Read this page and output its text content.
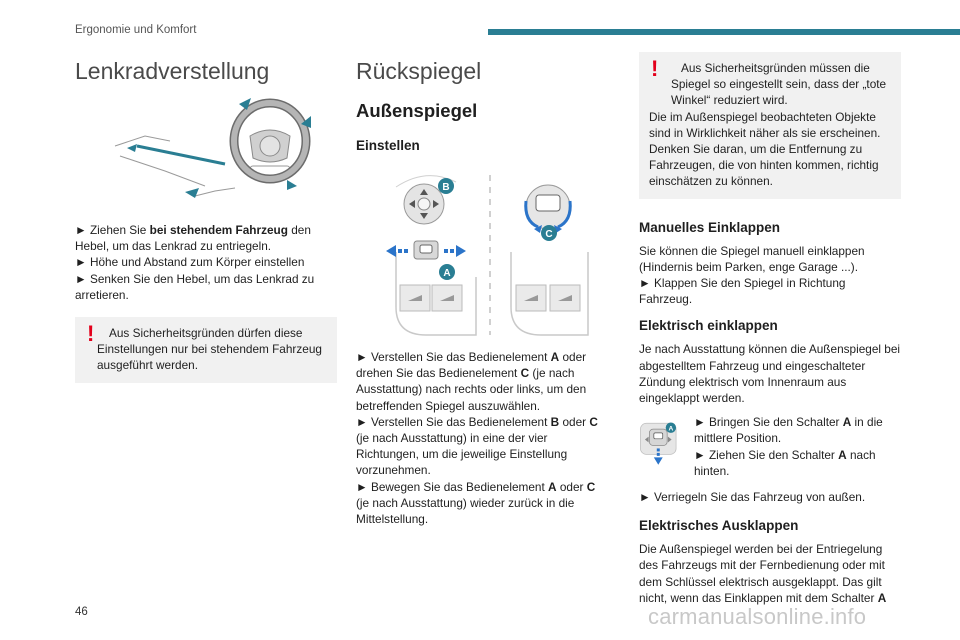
Ergonomie und Komfort
Lenkradverstellung

► Ziehen Sie bei stehendem Fahrzeug den Hebel, um das Lenkrad zu entriegeln.

► Höhe und Abstand zum Körper einstellen

► Senken Sie den Hebel, um das Lenkrad zu arretieren.

!	Aus Sicherheitsgründen dürfen diese Einstellungen nur bei stehendem Fahrzeug ausgeführt werden.
Rückspiegel
Außenspiegel
Einstellen
B
A
C

► Verstellen Sie das Bedienelement A oder drehen Sie das Bedienelement C (je nach Ausstattung) nach rechts oder links, um den betreffenden Spiegel auszuwählen.

► Verstellen Sie das Bedienelement B oder C (je nach Ausstattung) in eine der vier Richtungen, um die jeweilige Einstellung vorzunehmen.

► Bewegen Sie das Bedienelement A oder C (je nach Ausstattung) wieder zurück in die Mittelstellung.

!	Aus Sicherheitsgründen müssen die Spiegel so eingestellt sein, dass der „tote Winkel“ reduziert wird.
Die im Außenspiegel beobachteten Objekte sind in Wirklichkeit näher als sie erscheinen.
Denken Sie daran, um die Entfernung zu Fahrzeugen, die von hinten kommen, richtig einschätzen zu können.
Manuelles Einklappen

Sie können die Spiegel manuell einklappen (Hindernis beim Parken, enge Garage ...).

► Klappen Sie den Spiegel in Richtung Fahrzeug.

Elektrisch einklappen

Je nach Ausstattung können die Außenspiegel bei abgestelltem Fahrzeug und eingeschalteter Zündung elektrisch vom Innenraum aus eingeklappt werden.

A ► Bringen Sie den Schalter A in die mittlere Position.

► Ziehen Sie den Schalter A nach hinten.

► Verriegeln Sie das Fahrzeug von außen.

Elektrisches Ausklappen

Die Außenspiegel werden bei der Entriegelung des Fahrzeugs mit der Fernbedienung oder mit dem Schlüssel elektrisch ausgeklappt. Das gilt nicht, wenn das Einklappen mit dem Schalter A

46	carmanualsonline.info
